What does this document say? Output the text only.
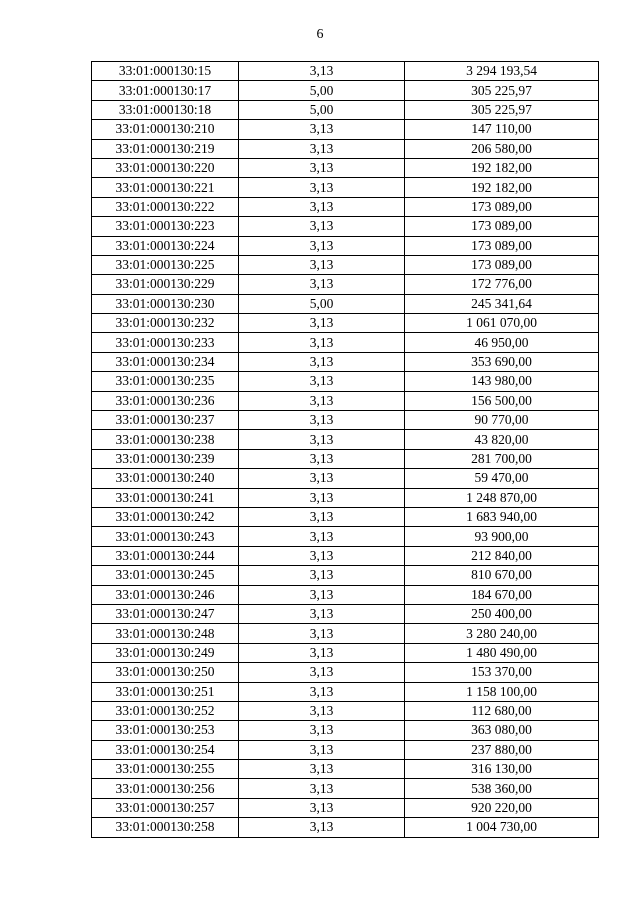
6
33:01:000130:15	3,13	3 294 193,54
33:01:000130:17	5,00	305 225,97
33:01:000130:18	5,00	305 225,97
33:01:000130:210	3,13	147 110,00
33:01:000130:219	3,13	206 580,00
33:01:000130:220	3,13	192 182,00
33:01:000130:221	3,13	192 182,00
33:01:000130:222	3,13	173 089,00
33:01:000130:223	3,13	173 089,00
33:01:000130:224	3,13	173 089,00
33:01:000130:225	3,13	173 089,00
33:01:000130:229	3,13	172 776,00
33:01:000130:230	5,00	245 341,64
33:01:000130:232	3,13	1 061 070,00
33:01:000130:233	3,13	46 950,00
33:01:000130:234	3,13	353 690,00
33:01:000130:235	3,13	143 980,00
33:01:000130:236	3,13	156 500,00
33:01:000130:237	3,13	90 770,00
33:01:000130:238	3,13	43 820,00
33:01:000130:239	3,13	281 700,00
33:01:000130:240	3,13	59 470,00
33:01:000130:241	3,13	1 248 870,00
33:01:000130:242	3,13	1 683 940,00
33:01:000130:243	3,13	93 900,00
33:01:000130:244	3,13	212 840,00
33:01:000130:245	3,13	810 670,00
33:01:000130:246	3,13	184 670,00
33:01:000130:247	3,13	250 400,00
33:01:000130:248	3,13	3 280 240,00
33:01:000130:249	3,13	1 480 490,00
33:01:000130:250	3,13	153 370,00
33:01:000130:251	3,13	1 158 100,00
33:01:000130:252	3,13	112 680,00
33:01:000130:253	3,13	363 080,00
33:01:000130:254	3,13	237 880,00
33:01:000130:255	3,13	316 130,00
33:01:000130:256	3,13	538 360,00
33:01:000130:257	3,13	920 220,00
33:01:000130:258	3,13	1 004 730,00
